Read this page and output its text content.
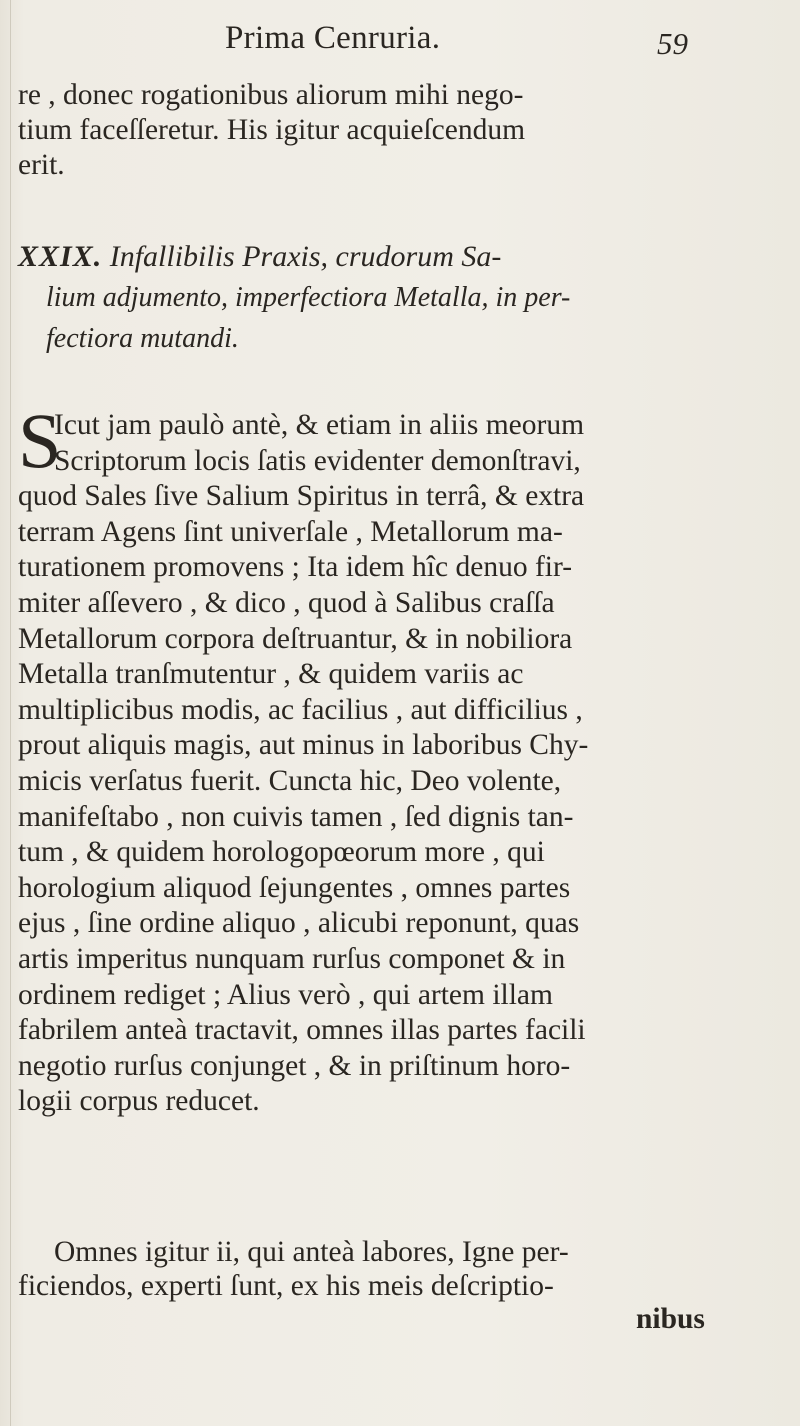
Prima Cenruria.	59
re , donec rogationibus aliorum mihi nego-
tium faceſſeretur. His igitur acquieſcendum
erit.
XXIX. Infallibilis Praxis, crudorum Sa-
lium adjumento, imperfectiora Metalla, in per-
fectiora mutandi.
S
Icut jam paulò antè, & etiam in aliis meorum
Scriptorum locis ſatis evidenter demonſtravi,
quod Sales ſive Salium Spiritus in terrâ, & extra
terram Agens ſint univerſale , Metallorum ma-
turationem promovens ; Ita idem hîc denuo fir-
miter aſſevero , & dico , quod à Salibus craſſa
Metallorum corpora deſtruantur, & in nobiliora
Metalla tranſmutentur , & quidem variis ac
multiplicibus modis, ac facilius , aut difficilius ,
prout aliquis magis, aut minus in laboribus Chy-
micis verſatus fuerit. Cuncta hic, Deo volente,
manifeſtabo , non cuivis tamen , ſed dignis tan-
tum , & quidem horologopœorum more , qui
horologium aliquod ſejungentes , omnes partes
ejus , ſine ordine aliquo , alicubi reponunt, quas
artis imperitus nunquam rurſus componet & in
ordinem rediget ; Alius verò , qui artem illam
fabrilem anteà tractavit, omnes illas partes facili
negotio rurſus conjunget , & in priſtinum horo-
logii corpus reducet.
Omnes igitur ii, qui anteà labores, Igne per-
ficiendos, experti ſunt, ex his meis deſcriptio-
nibus
